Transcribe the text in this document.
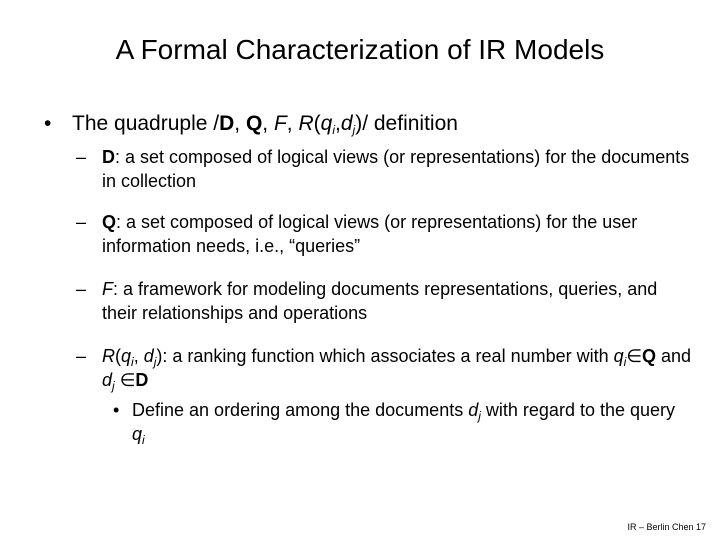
A Formal Characterization of IR Models
• The quadruple /D, Q, F, $R(q_i,d_j)/$ definition
– D: a set composed of logical views (or representations) for the documents in collection
– Q: a set composed of logical views (or representations) for the user information needs, i.e., “queries”
– F: a framework for modeling documents representations, queries, and their relationships and operations
– $R(q_i$, $d_j$): a ranking function which associates a real number with $q_i\in Q$ and $d_j$ ∈D
• Define an ordering among the documents $d_j$ with regard to the query $q_i$
IR – Berlin Chen 17
